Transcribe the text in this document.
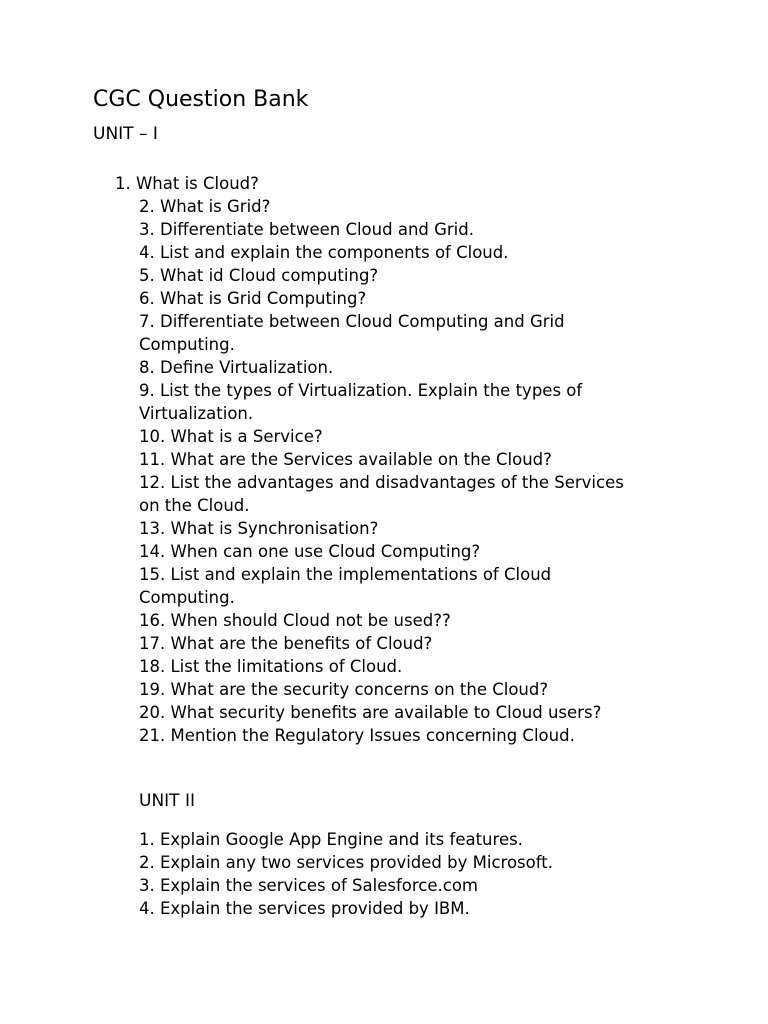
CGC Question Bank
UNIT – I
1. What is Cloud?
2. What is Grid?
3. Differentiate between Cloud and Grid.
4. List and explain the components of Cloud.
5. What id Cloud computing?
6. What is Grid Computing?
7. Differentiate between Cloud Computing and Grid Computing.
8. Define Virtualization.
9. List the types of Virtualization. Explain the types of Virtualization.
10. What is a Service?
11. What are the Services available on the Cloud?
12. List the advantages and disadvantages of the Services on the Cloud.
13. What is Synchronisation?
14. When can one use Cloud Computing?
15. List and explain the implementations of Cloud Computing.
16. When should Cloud not be used??
17. What are the benefits of Cloud?
18. List the limitations of Cloud.
19. What are the security concerns on the Cloud?
20. What security benefits are available to Cloud users?
21. Mention the Regulatory Issues concerning Cloud.
UNIT II
1. Explain Google App Engine and its features.
2. Explain any two services provided by Microsoft.
3. Explain the services of Salesforce.com
4. Explain the services provided by IBM.
